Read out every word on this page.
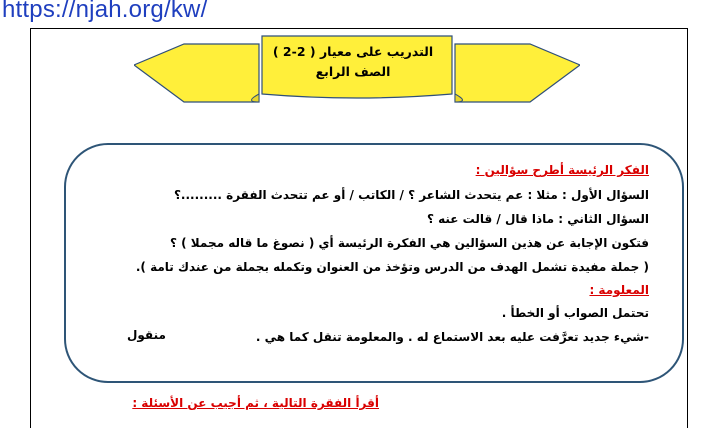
https://njah.org/kw/
التدريب على معيار ( 2-2 )
الصف الرابع
الفكر الرئيسة أطرح سؤالين :
السؤال الأول : مثلا : عم يتحدث الشاعر ؟ / الكاتب / أو عم تتحدث الفقرة .........؟
السؤال الثاني : ماذا قال / قالت عنه ؟
فتكون الإجابة عن هذين السؤالين هي الفكرة الرئيسة أي ( نصوغ ما قاله مجملا ) ؟
( جملة مفيدة تشمل الهدف من الدرس وتؤخذ من العنوان وتكمله بجملة من عندك تامة ).
المعلومة :
تحتمل الصواب أو الخطأ .
-شيء جديد تعرَّفت عليه بعد الاستماع له . والمعلومة تنقل كما هي .
منقول
أقرأ الفقرة التالية ، ثم أجيب عن الأسئلة :
